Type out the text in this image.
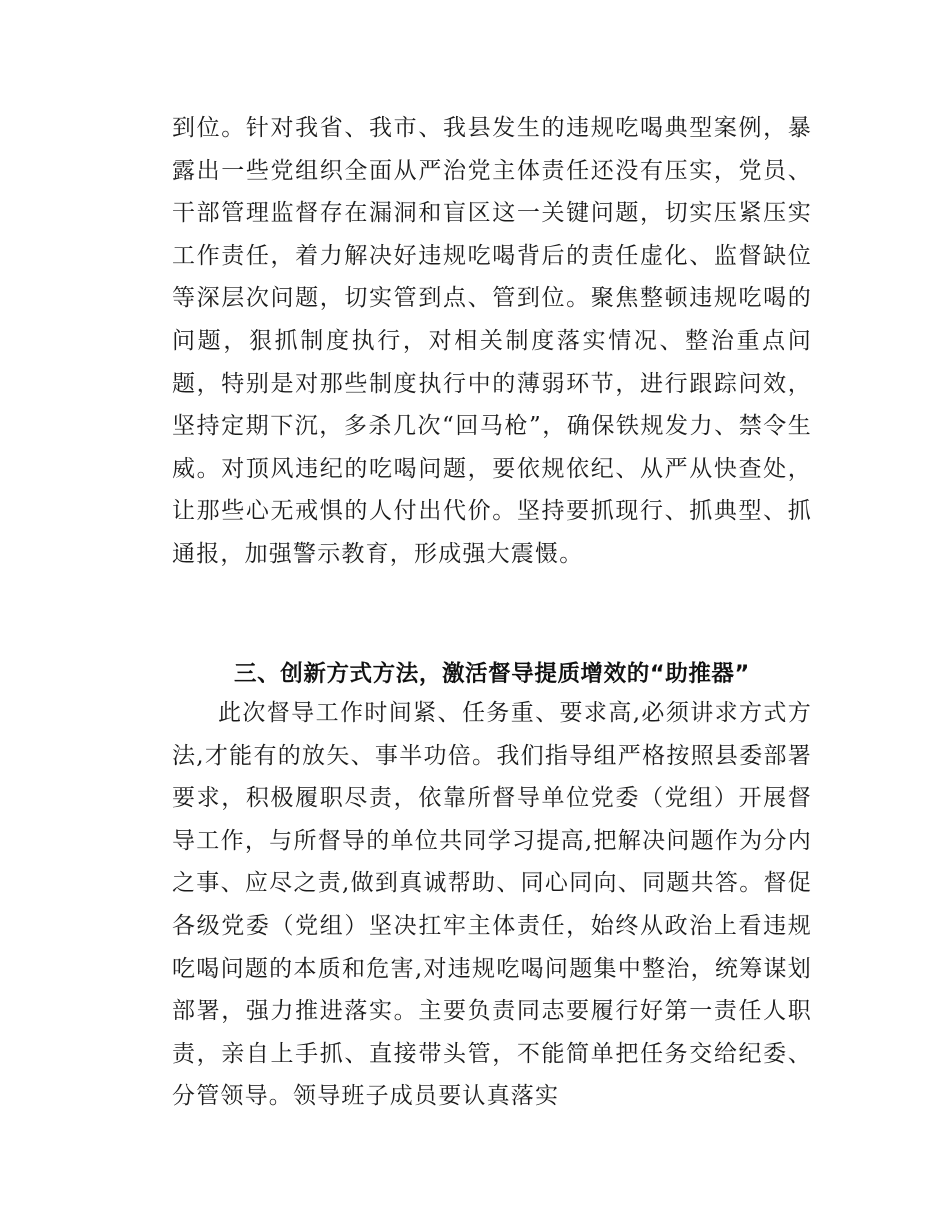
到位。针对我省、我市、我县发生的违规吃喝典型案例，暴露出一些党组织全面从严治党主体责任还没有压实，党员、干部管理监督存在漏洞和盲区这一关键问题，切实压紧压实工作责任，着力解决好违规吃喝背后的责任虚化、监督缺位等深层次问题，切实管到点、管到位。聚焦整顿违规吃喝的问题，狠抓制度执行，对相关制度落实情况、整治重点问题，特别是对那些制度执行中的薄弱环节，进行跟踪问效，坚持定期下沉，多杀几次“回马枪”，确保铁规发力、禁令生威。对顶风违纪的吃喝问题，要依规依纪、从严从快查处，让那些心无戒惧的人付出代价。坚持要抓现行、抓典型、抓通报，加强警示教育，形成强大震慑。

三、创新方式方法，激活督导提质增效的“助推器”

此次督导工作时间紧、任务重、要求高,必须讲求方式方法,才能有的放矢、事半功倍。我们指导组严格按照县委部署要求，积极履职尽责，依靠所督导单位党委（党组）开展督导工作，与所督导的单位共同学习提高,把解决问题作为分内之事、应尽之责,做到真诚帮助、同心同向、同题共答。督促各级党委（党组）坚决扛牢主体责任，始终从政治上看违规吃喝问题的本质和危害,对违规吃喝问题集中整治，统筹谋划部署，强力推进落实。主要负责同志要履行好第一责任人职责，亲自上手抓、直接带头管，不能简单把任务交给纪委、分管领导。领导班子成员要认真落实
